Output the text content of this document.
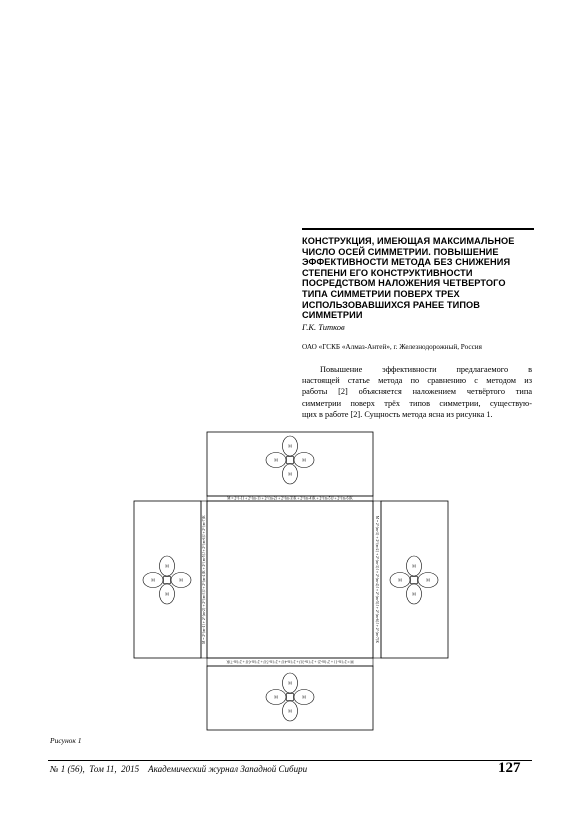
КОНСТРУКЦИЯ, ИМЕЮЩАЯ МАКСИМАЛЬНОЕ
ЧИСЛО ОСЕЙ СИММЕТРИИ. ПОВЫШЕНИЕ
ЭФФЕКТИВНОСТИ МЕТОДА БЕЗ СНИЖЕНИЯ
СТЕПЕНИ ЕГО КОНСТРУКТИВНОСТИ
ПОСРЕДСТВОМ НАЛОЖЕНИЯ ЧЕТВЕРТОГО
ТИПА СИММЕТРИИ ПОВЕРХ ТРЕХ
ИСПОЛЬЗОВАВШИХСЯ РАНЕЕ ТИПОВ
СИММЕТРИИ

Г.К. Титков
ОАО «ГСКБ «Алмаз-Антей», г. Железнодорожный, Россия

Повышение эффективности предлагаемого в
настоящей статье метода по сравнению с методом из
работы [2] объясняется наложением четвёртого типа
симметрии поверх трёх типов симметрии, существую-
щих в работе [2]. Сущность метода ясна из рисунка 1.

M = 2^{-1} + 2^{m-1} + 2^{m-2} + 2^{m-3}K + 2^{m-4}K + 2^{m-5}J + 2^{m-6}K
M = 2^{m-1} + 2^{m-2} + 2^{m-3}J + 2^{m-4}K + 2^{m-5}J + 2^{m-6}J + 2^{m-7}K	M = 2^{m-1} + 2^{m-2} + 2^{m-3}J + 2^{m-4}J + 2^{m-5}J + 2^{m-6}J + 2^{m-7}K
M = 2^{m-1} + 2^{m-2} + 2^{m-3}J + 2^{m-4}J + 2^{m-5}J + 2^{m-6}J + 2^{m-7}K
M
M
M	M
M
M
M	M
M
M
M	M
M
M
M	M
Рисунок 1
№ 1 (56),  Том 11,  2015    Академический журнал Западной Сибири	127
